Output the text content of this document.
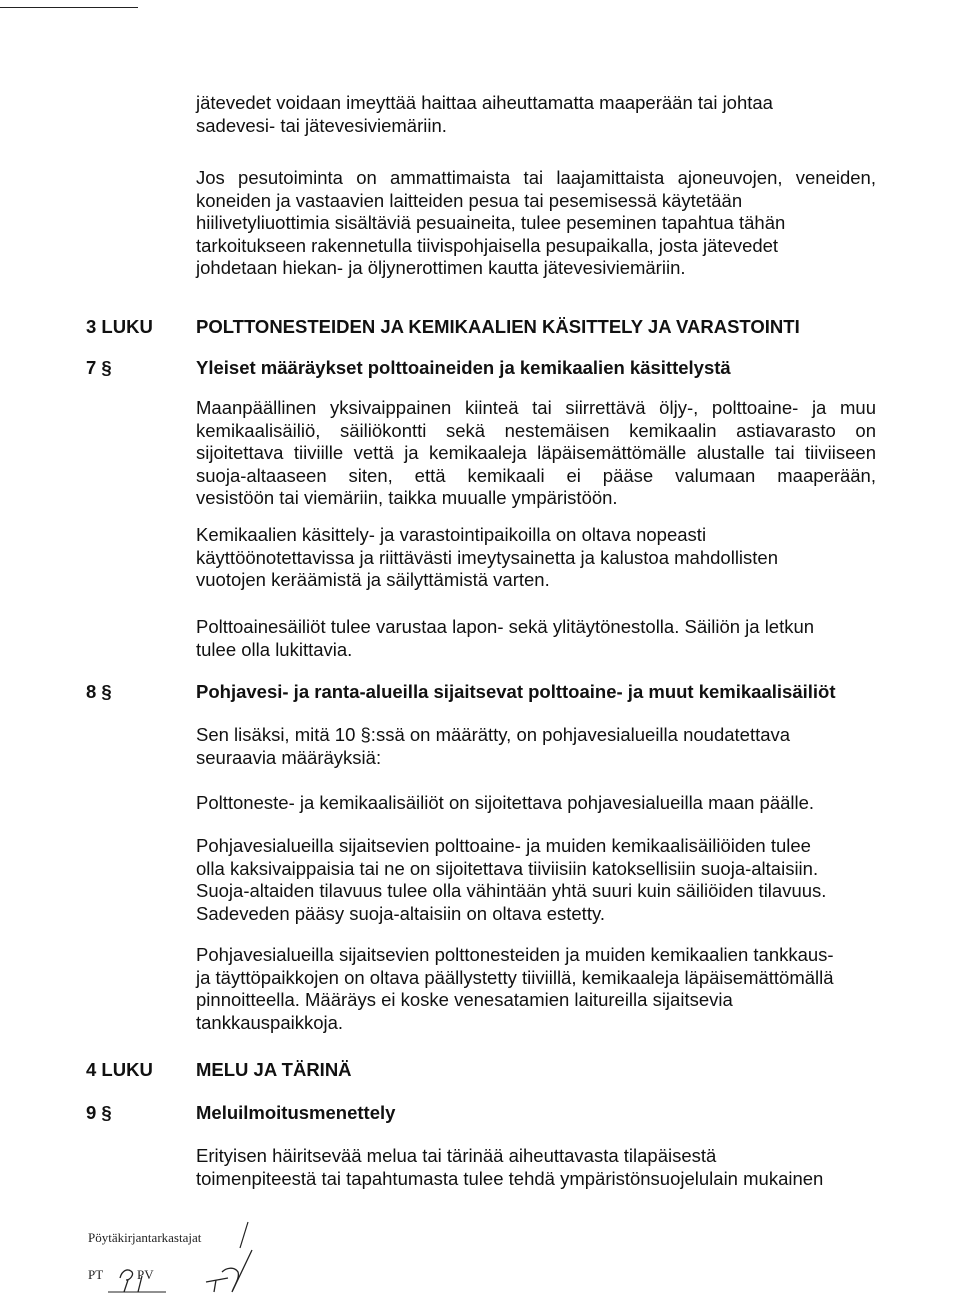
jätevedet voidaan imeyttää haittaa aiheuttamatta maaperään tai johtaa
sadevesi- tai jätevesiviemäriin.

Jos pesutoiminta on ammattimaista tai laajamittaista ajoneuvojen, veneiden,
koneiden ja vastaavien laitteiden pesua tai pesemisessä käytetään
hiilivetyliuottimia sisältäviä pesuaineita, tulee peseminen tapahtua tähän
tarkoitukseen rakennetulla tiivispohjaisella pesupaikalla, josta jätevedet
johdetaan hiekan- ja öljynerottimen kautta jätevesiviemäriin.

3 LUKU POLTTONESTEIDEN JA KEMIKAALIEN KÄSITTELY JA VARASTOINTI
7 §	Yleiset määräykset polttoaineiden ja kemikaalien käsittelystä

Maanpäällinen yksivaippainen kiinteä tai siirrettävä öljy-, polttoaine- ja muu
kemikaalisäiliö, säiliökontti sekä nestemäisen kemikaalin astiavarasto on
sijoitettava tiiviille vettä ja kemikaaleja läpäisemättömälle alustalle tai tiiviiseen
suoja-altaaseen siten, että kemikaali ei pääse valumaan maaperään,
vesistöön tai viemäriin, taikka muualle ympäristöön.

Kemikaalien käsittely- ja varastointipaikoilla on oltava nopeasti
käyttöönotettavissa ja riittävästi imeytysainetta ja kalustoa mahdollisten
vuotojen keräämistä ja säilyttämistä varten.

Polttoainesäiliöt tulee varustaa lapon- sekä ylitäytönestolla. Säiliön ja letkun
tulee olla lukittavia.

8 §	Pohjavesi- ja ranta-alueilla sijaitsevat polttoaine- ja muut kemikaalisäiliöt

Sen lisäksi, mitä 10 §:ssä on määrätty, on pohjavesialueilla noudatettava
seuraavia määräyksiä:

Polttoneste- ja kemikaalisäiliöt on sijoitettava pohjavesialueilla maan päälle.

Pohjavesialueilla sijaitsevien polttoaine- ja muiden kemikaalisäiliöiden tulee
olla kaksivaippaisia tai ne on sijoitettava tiiviisiin katoksellisiin suoja-altaisiin.
Suoja-altaiden tilavuus tulee olla vähintään yhtä suuri kuin säiliöiden tilavuus.
Sadeveden pääsy suoja-altaisiin on oltava estetty.

Pohjavesialueilla sijaitsevien polttonesteiden ja muiden kemikaalien tankkaus-
ja täyttöpaikkojen on oltava päällystetty tiiviillä, kemikaaleja läpäisemättömällä
pinnoitteella. Määräys ei koske venesatamien laitureilla sijaitsevia
tankkauspaikkoja.

4 LUKU MELU JA TÄRINÄ
9 §	Meluilmoitusmenettely

Erityisen häiritsevää melua tai tärinää aiheuttavasta tilapäisestä
toimenpiteestä tai tapahtumasta tulee tehdä ympäristönsuojelulain mukainen

Pöytäkirjantarkastajat
PT	PV
